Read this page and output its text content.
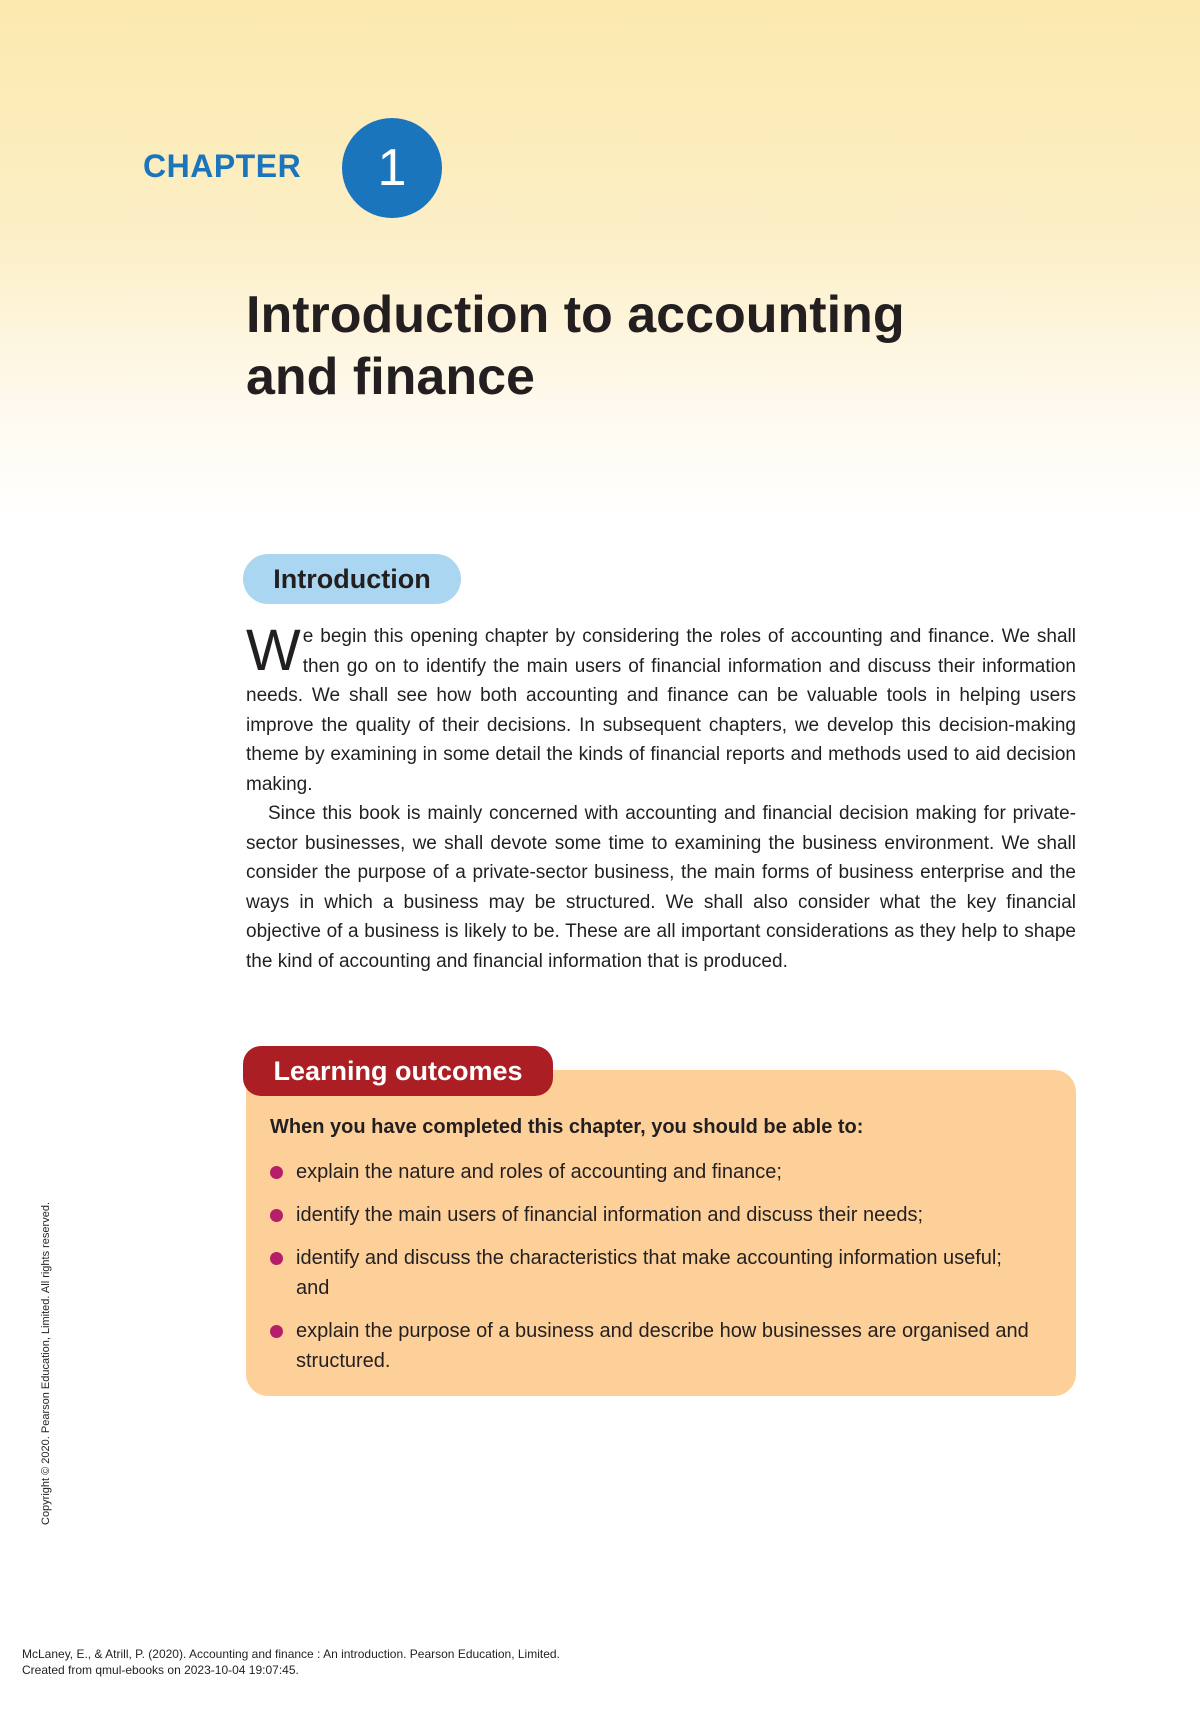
CHAPTER	1
Introduction to accounting
and finance
Introduction

We begin this opening chapter by considering the roles of accounting and finance. We shall then go on to identify the main users of financial information and discuss their information needs. We shall see how both accounting and finance can be valuable tools in helping users improve the quality of their decisions. In subsequent chapters, we develop this decision-making theme by examining in some detail the kinds of financial reports and methods used to aid decision making.

Since this book is mainly concerned with accounting and financial decision making for private-sector businesses, we shall devote some time to examining the business environment. We shall consider the purpose of a private-sector business, the main forms of business enterprise and the ways in which a business may be structured. We shall also consider what the key financial objective of a business is likely to be. These are all important considerations as they help to shape the kind of accounting and financial information that is produced.

Learning outcomes
When you have completed this chapter, you should be able to:
explain the nature and roles of accounting and finance;
identify the main users of financial information and discuss their needs;
identify and discuss the characteristics that make accounting information useful; and
explain the purpose of a business and describe how businesses are organised and structured.
Copyright © 2020. Pearson Education, Limited. All rights reserved.
McLaney, E., & Atrill, P. (2020). Accounting and finance : An introduction. Pearson Education, Limited.
Created from qmul-ebooks on 2023-10-04 19:07:45.
